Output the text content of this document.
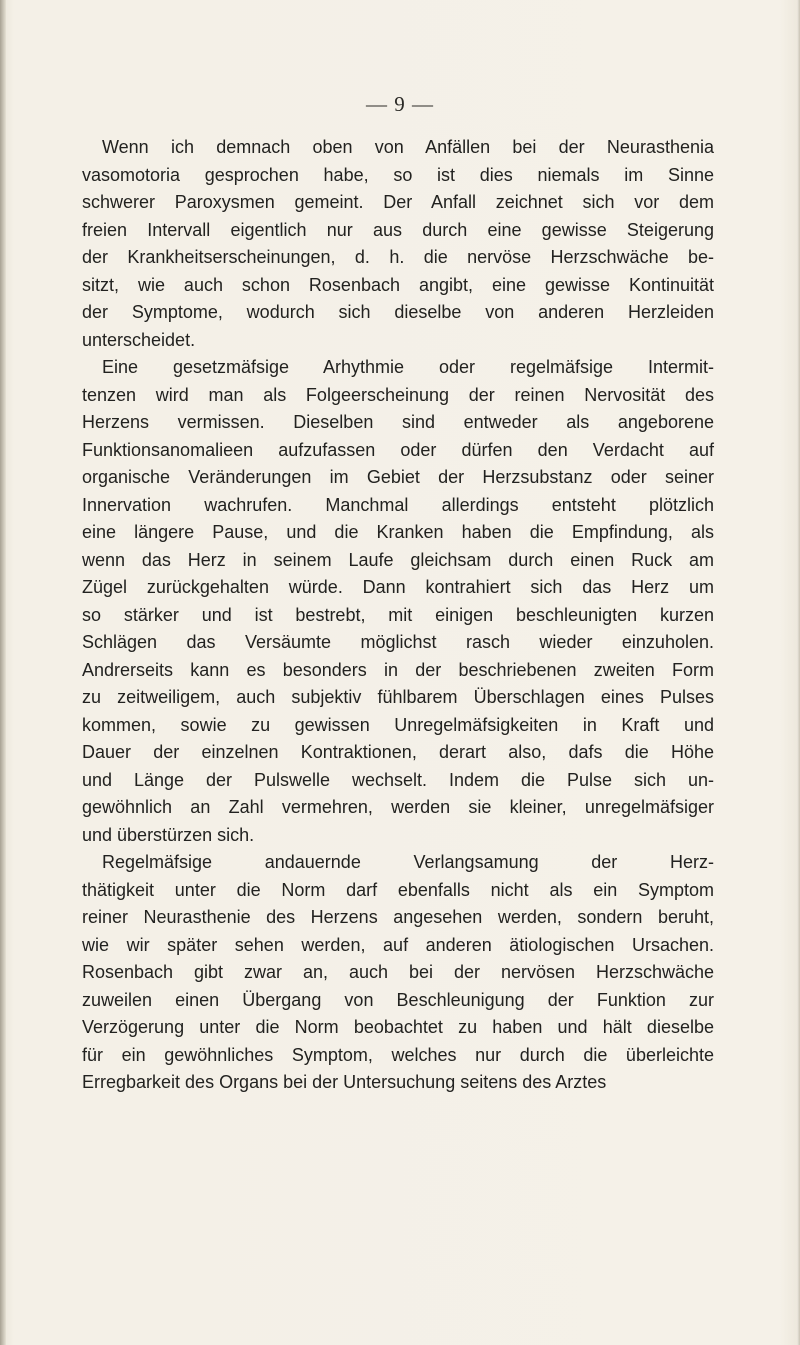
— 9 —
Wenn ich demnach oben von Anfällen bei der Neurasthenia
vasomotoria gesprochen habe, so ist dies niemals im Sinne
schwerer Paroxysmen gemeint. Der Anfall zeichnet sich vor dem
freien Intervall eigentlich nur aus durch eine gewisse Steigerung
der Krankheitserscheinungen, d. h. die nervöse Herzschwäche be-
sitzt, wie auch schon Rosenbach angibt, eine gewisse Kontinuität
der Symptome, wodurch sich dieselbe von anderen Herzleiden
unterscheidet.
Eine gesetzmäfsige Arhythmie oder regelmäfsige Intermit-
tenzen wird man als Folgeerscheinung der reinen Nervosität des
Herzens vermissen. Dieselben sind entweder als angeborene
Funktionsanomalieen aufzufassen oder dürfen den Verdacht auf
organische Veränderungen im Gebiet der Herzsubstanz oder seiner
Innervation wachrufen. Manchmal allerdings entsteht plötzlich
eine längere Pause, und die Kranken haben die Empfindung, als
wenn das Herz in seinem Laufe gleichsam durch einen Ruck am
Zügel zurückgehalten würde. Dann kontrahiert sich das Herz um
so stärker und ist bestrebt, mit einigen beschleunigten kurzen
Schlägen das Versäumte möglichst rasch wieder einzuholen.
Andrerseits kann es besonders in der beschriebenen zweiten Form
zu zeitweiligem, auch subjektiv fühlbarem Überschlagen eines Pulses
kommen, sowie zu gewissen Unregelmäfsigkeiten in Kraft und
Dauer der einzelnen Kontraktionen, derart also, dafs die Höhe
und Länge der Pulswelle wechselt. Indem die Pulse sich un-
gewöhnlich an Zahl vermehren, werden sie kleiner, unregelmäfsiger
und überstürzen sich.
Regelmäfsige andauernde Verlangsamung der Herz-
thätigkeit unter die Norm darf ebenfalls nicht als ein Symptom
reiner Neurasthenie des Herzens angesehen werden, sondern beruht,
wie wir später sehen werden, auf anderen ätiologischen Ursachen.
Rosenbach gibt zwar an, auch bei der nervösen Herzschwäche
zuweilen einen Übergang von Beschleunigung der Funktion zur
Verzögerung unter die Norm beobachtet zu haben und hält dieselbe
für ein gewöhnliches Symptom, welches nur durch die überleichte
Erregbarkeit des Organs bei der Untersuchung seitens des Arztes
